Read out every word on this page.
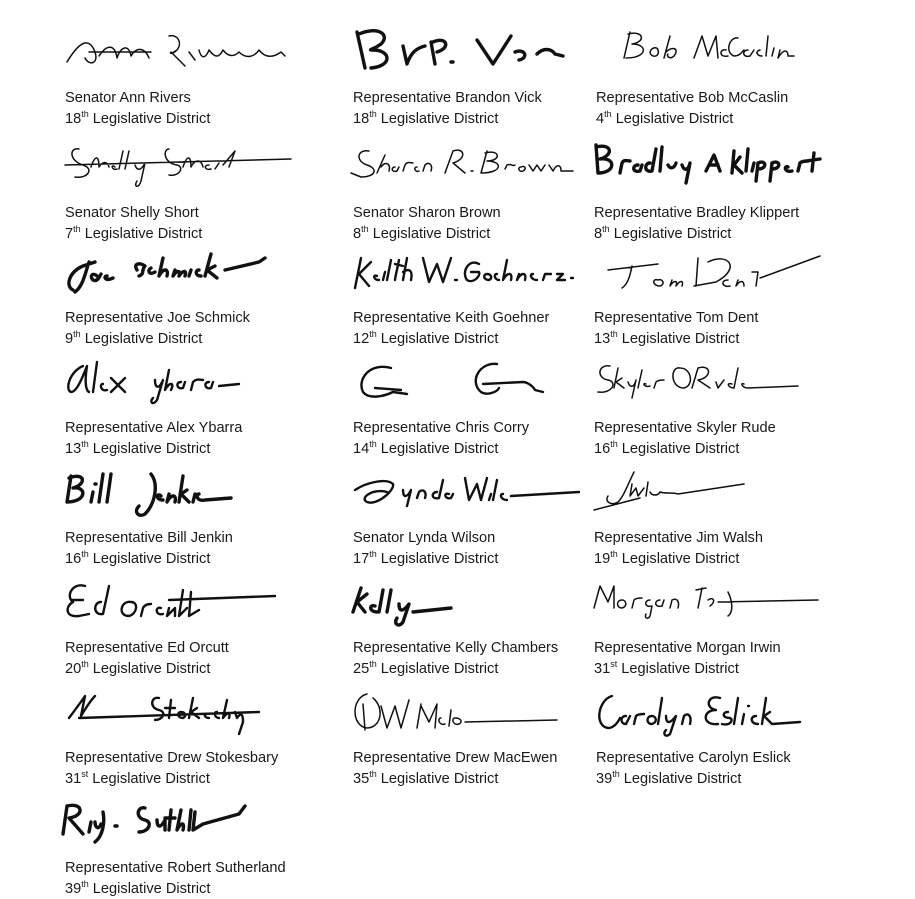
Senator Ann Rivers
18th Legislative District
Representative Brandon Vick
18th Legislative District
Representative Bob McCaslin
4th Legislative District
Senator Shelly Short
7th Legislative District
Senator Sharon Brown
8th Legislative District
Representative Bradley Klippert
8th Legislative District
Representative Joe Schmick
9th Legislative District
Representative Keith Goehner
12th Legislative District
Representative Tom Dent
13th Legislative District
Representative Alex Ybarra
13th Legislative District
Representative Chris Corry
14th Legislative District
Representative Skyler Rude
16th Legislative District
Representative Bill Jenkin
16th Legislative District
Senator Lynda Wilson
17th Legislative District
Representative Jim Walsh
19th Legislative District
Representative Ed Orcutt
20th Legislative District
Representative Kelly Chambers
25th Legislative District
Representative Morgan Irwin
31st Legislative District
Representative Drew Stokesbary
31st Legislative District
Representative Drew MacEwen
35th Legislative District
Representative Carolyn Eslick
39th Legislative District
Representative Robert Sutherland
39th Legislative District
